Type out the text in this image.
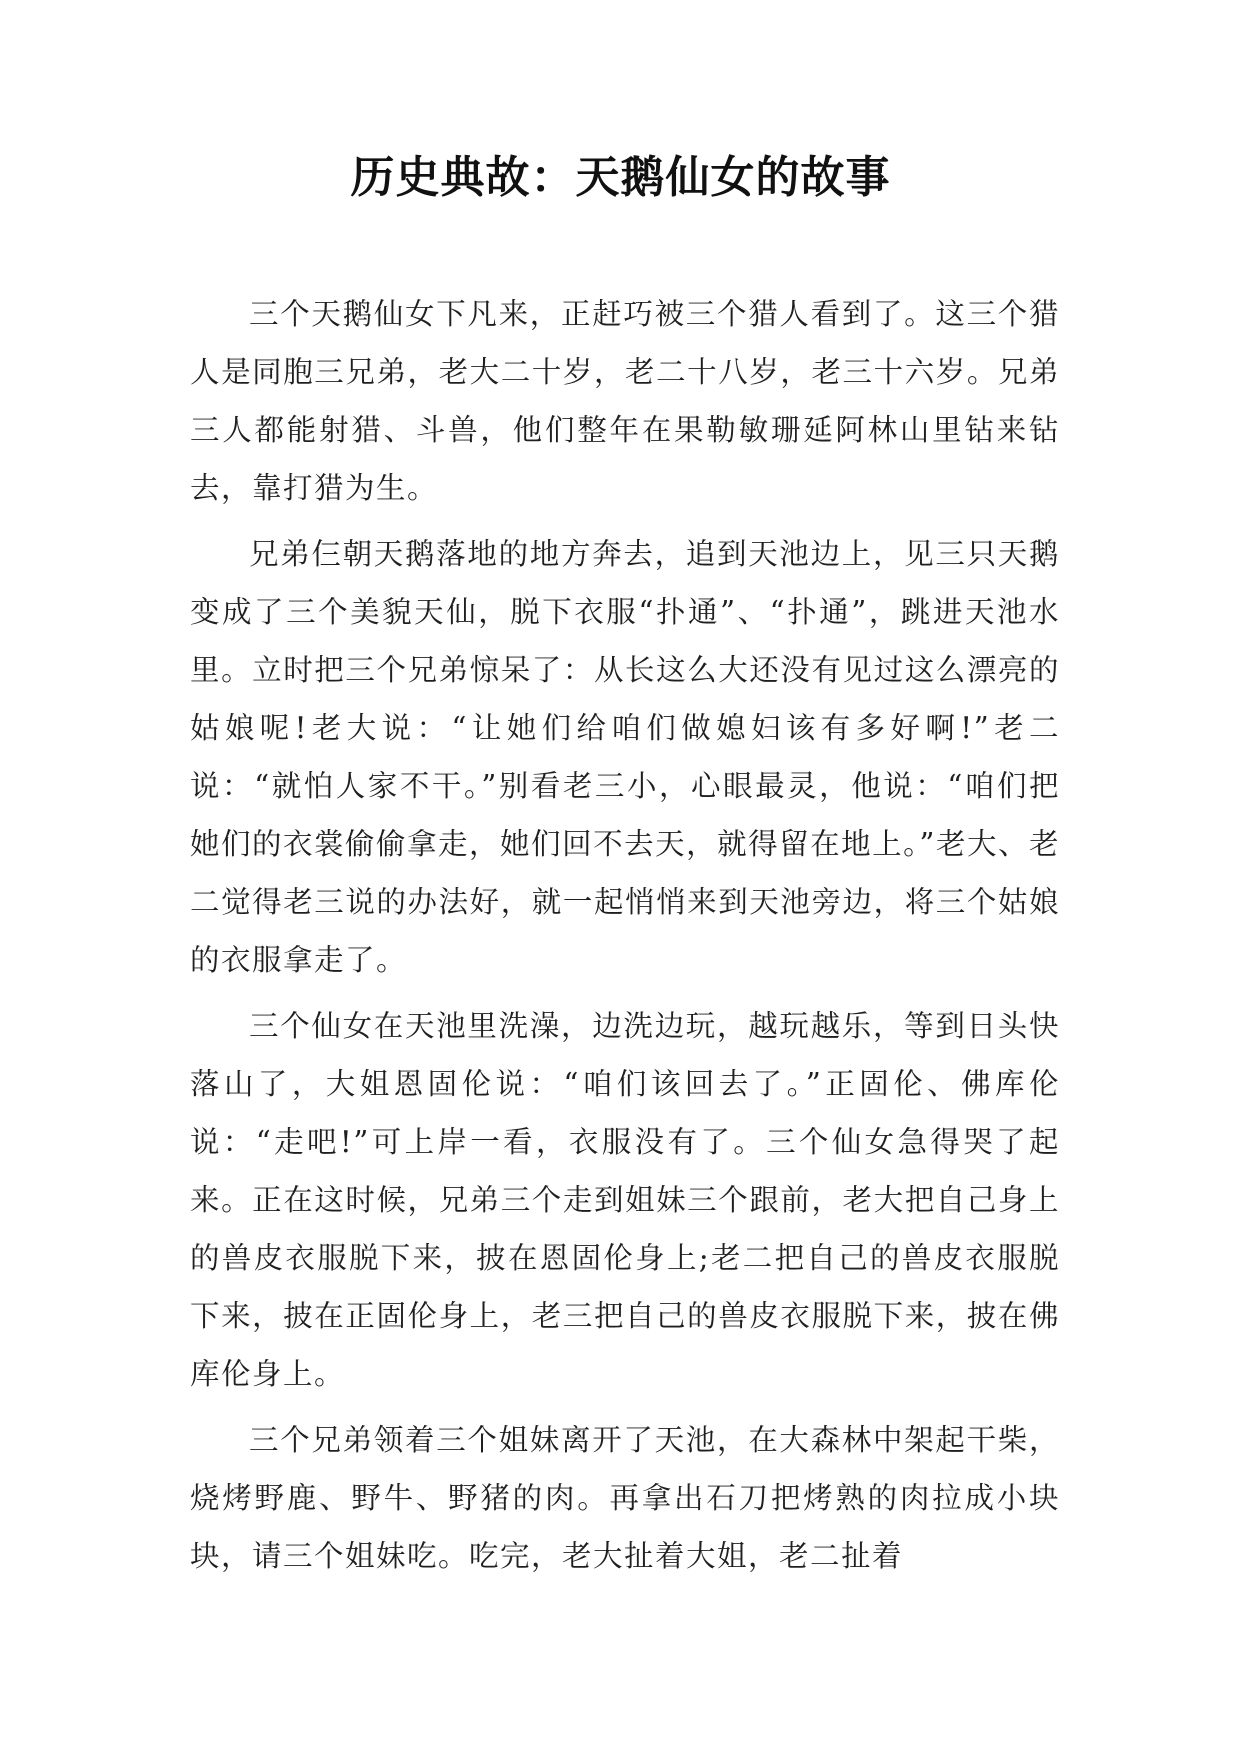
历史典故：天鹅仙女的故事

三个天鹅仙女下凡来，正赶巧被三个猎人看到了。这三个猎人是同胞三兄弟，老大二十岁，老二十八岁，老三十六岁。兄弟三人都能射猎、斗兽，他们整年在果勒敏珊延阿林山里钻来钻去，靠打猎为生。

兄弟仨朝天鹅落地的地方奔去，追到天池边上，见三只天鹅变成了三个美貌天仙，脱下衣服“扑通”、“扑通”，跳进天池水里。立时把三个兄弟惊呆了：从长这么大还没有见过这么漂亮的姑娘呢!老大说：“让她们给咱们做媳妇该有多好啊!”老二说：“就怕人家不干。”别看老三小，心眼最灵，他说：“咱们把她们的衣裳偷偷拿走，她们回不去天，就得留在地上。”老大、老二觉得老三说的办法好，就一起悄悄来到天池旁边，将三个姑娘的衣服拿走了。

三个仙女在天池里洗澡，边洗边玩，越玩越乐，等到日头快落山了，大姐恩固伦说：“咱们该回去了。”正固伦、佛库伦说：“走吧!”可上岸一看，衣服没有了。三个仙女急得哭了起来。正在这时候，兄弟三个走到姐妹三个跟前，老大把自己身上的兽皮衣服脱下来，披在恩固伦身上;老二把自己的兽皮衣服脱下来，披在正固伦身上，老三把自己的兽皮衣服脱下来，披在佛库伦身上。

三个兄弟领着三个姐妹离开了天池，在大森林中架起干柴，烧烤野鹿、野牛、野猪的肉。再拿出石刀把烤熟的肉拉成小块块，请三个姐妹吃。吃完，老大扯着大姐，老二扯着
